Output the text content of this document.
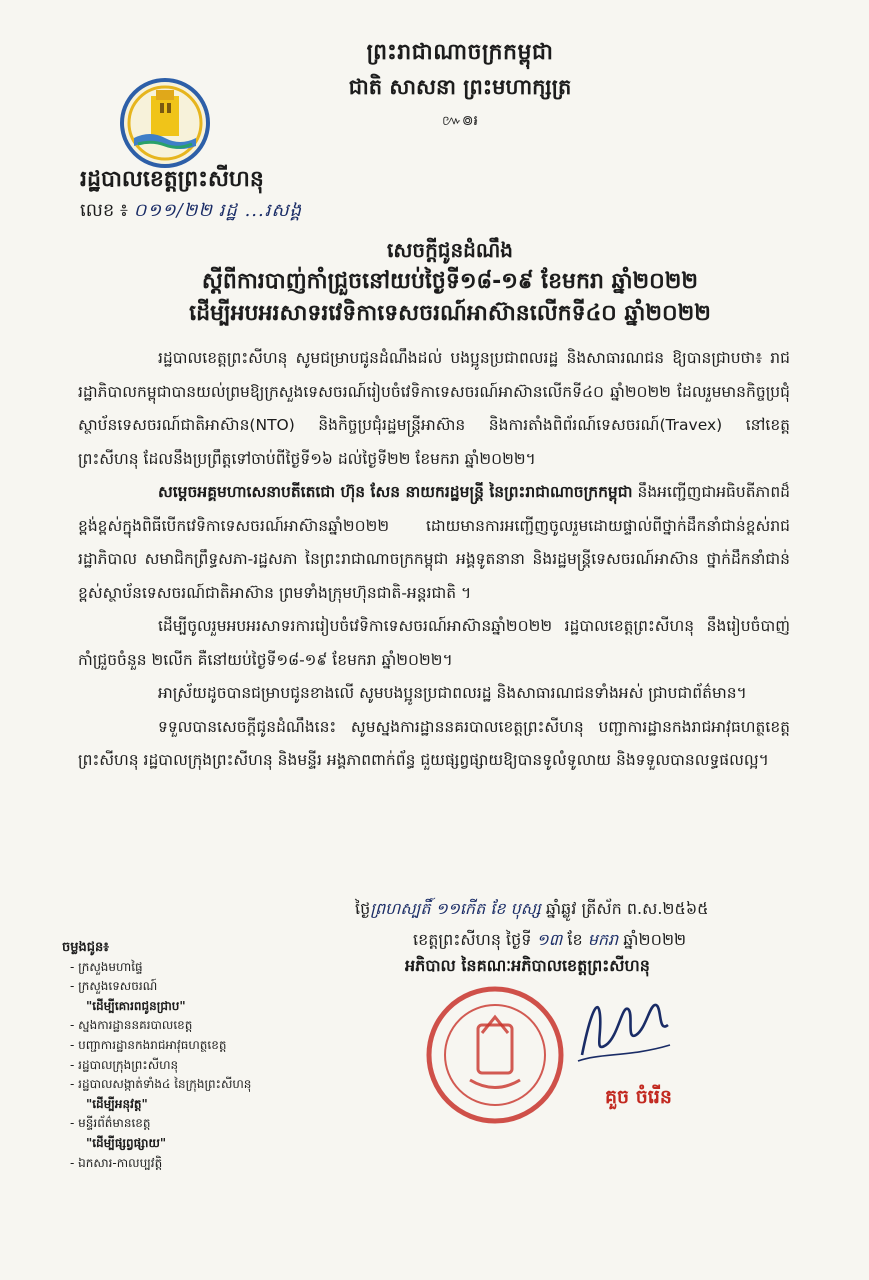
ព្រះរាជាណាចក្រកម្ពុជា
ជាតិ សាសនា ព្រះមហាក្សត្រ
៚៙៛
រដ្ឋបាលខេត្តព្រះសីហនុ
លេខ ៖ ០១១/២២ រដ្ឋ ...រសង្គ
សេចក្តីជូនដំណឹង
ស្តីពីការបាញ់កាំជ្រួចនៅយប់ថ្ងៃទី១៨-១៩ ខែមករា ឆ្នាំ២០២២
ដើម្បីអបអរសាទរវេទិកាទេសចរណ៍អាស៊ានលើកទី៤០ ឆ្នាំ២០២២

រដ្ឋបាលខេត្តព្រះសីហនុ សូមជម្រាបជូនដំណឹងដល់ បងប្អូនប្រជាពលរដ្ឋ និងសាធារណជន ឱ្យបានជ្រាបថា៖ រាជរដ្ឋាភិបាលកម្ពុជាបានយល់ព្រមឱ្យក្រសួងទេសចរណ៍រៀបចំវេទិកាទេសចរណ៍អាស៊ានលើកទី៤០ ឆ្នាំ២០២២ ដែលរួមមានកិច្ចប្រជុំស្ថាប័នទេសចរណ៍ជាតិអាស៊ាន(NTO) និងកិច្ចប្រជុំរដ្ឋមន្ត្រីអាស៊ាន និងការតាំងពិព័រណ៍ទេសចរណ៍(Travex) នៅខេត្តព្រះសីហនុ ដែលនឹងប្រព្រឹត្តទៅចាប់ពីថ្ងៃទី១៦ ដល់ថ្ងៃទី២២ ខែមករា ឆ្នាំ២០២២។

សម្តេចអគ្គមហាសេនាបតីតេជោ ហ៊ុន សែន នាយករដ្ឋមន្ត្រី នៃព្រះរាជាណាចក្រកម្ពុជា នឹងអញ្ជើញជាអធិបតីភាពដ៏ខ្ពង់ខ្ពស់ក្នុងពិធីបើកវេទិកាទេសចរណ៍អាស៊ានឆ្នាំ២០២២ ដោយមានការអញ្ជើញចូលរួមដោយផ្ទាល់ពីថ្នាក់ដឹកនាំជាន់ខ្ពស់រាជរដ្ឋាភិបាល សមាជិកព្រឹទ្ធសភា-រដ្ឋសភា នៃព្រះរាជាណាចក្រកម្ពុជា អង្គទូតនានា និងរដ្ឋមន្ត្រីទេសចរណ៍អាស៊ាន ថ្នាក់ដឹកនាំជាន់ខ្ពស់ស្ថាប័នទេសចរណ៍ជាតិអាស៊ាន ព្រមទាំងក្រុមហ៊ុនជាតិ-អន្តរជាតិ ។

ដើម្បីចូលរួមអបអរសាទរការរៀបចំវេទិកាទេសចរណ៍អាស៊ានឆ្នាំ២០២២ រដ្ឋបាលខេត្តព្រះសីហនុ នឹងរៀបចំបាញ់កាំជ្រួចចំនួន ២លើក គឺនៅយប់ថ្ងៃទី១៨-១៩ ខែមករា ឆ្នាំ២០២២។

អាស្រ័យដូចបានជម្រាបជូនខាងលើ សូមបងប្អូនប្រជាពលរដ្ឋ និងសាធារណជនទាំងអស់ ជ្រាបជាព័ត៌មាន។

ទទួលបានសេចក្តីជូនដំណឹងនេះ សូមស្នងការដ្ឋាននគរបាលខេត្តព្រះសីហនុ បញ្ជាការដ្ឋានកងរាជអាវុធហត្ថខេត្តព្រះសីហនុ រដ្ឋបាលក្រុងព្រះសីហនុ និងមន្ទីរ អង្គភាពពាក់ព័ន្ធ ជួយផ្សព្វផ្សាយឱ្យបានទូលំទូលាយ និងទទួលបានលទ្ធផលល្អ។

ថ្ងៃព្រហស្បតិ៍ ១១កើត ខែ បុស្ស ឆ្នាំឆ្លូវ ត្រីស័ក ព.ស.២៥៦៥
ខេត្តព្រះសីហនុ ថ្ងៃទី ១៣ ខែ មករា ឆ្នាំ២០២២
អភិបាល នៃគណៈអភិបាលខេត្តព្រះសីហនុ
គួច ចំរើន
ចម្លងជូន៖
- ក្រសួងមហាផ្ទៃ
- ក្រសួងទេសចរណ៍
"ដើម្បីគោរពជូនជ្រាប"
- ស្នងការដ្ឋាននគរបាលខេត្ត
- បញ្ជាការដ្ឋានកងរាជអាវុធហត្ថខេត្ត
- រដ្ឋបាលក្រុងព្រះសីហនុ
- រដ្ឋបាលសង្កាត់ទាំង៤ នៃក្រុងព្រះសីហនុ
"ដើម្បីអនុវត្ត"
- មន្ទីរព័ត៌មានខេត្ត
"ដើម្បីផ្សព្វផ្សាយ"
- ឯកសារ-កាលប្បវត្តិ
